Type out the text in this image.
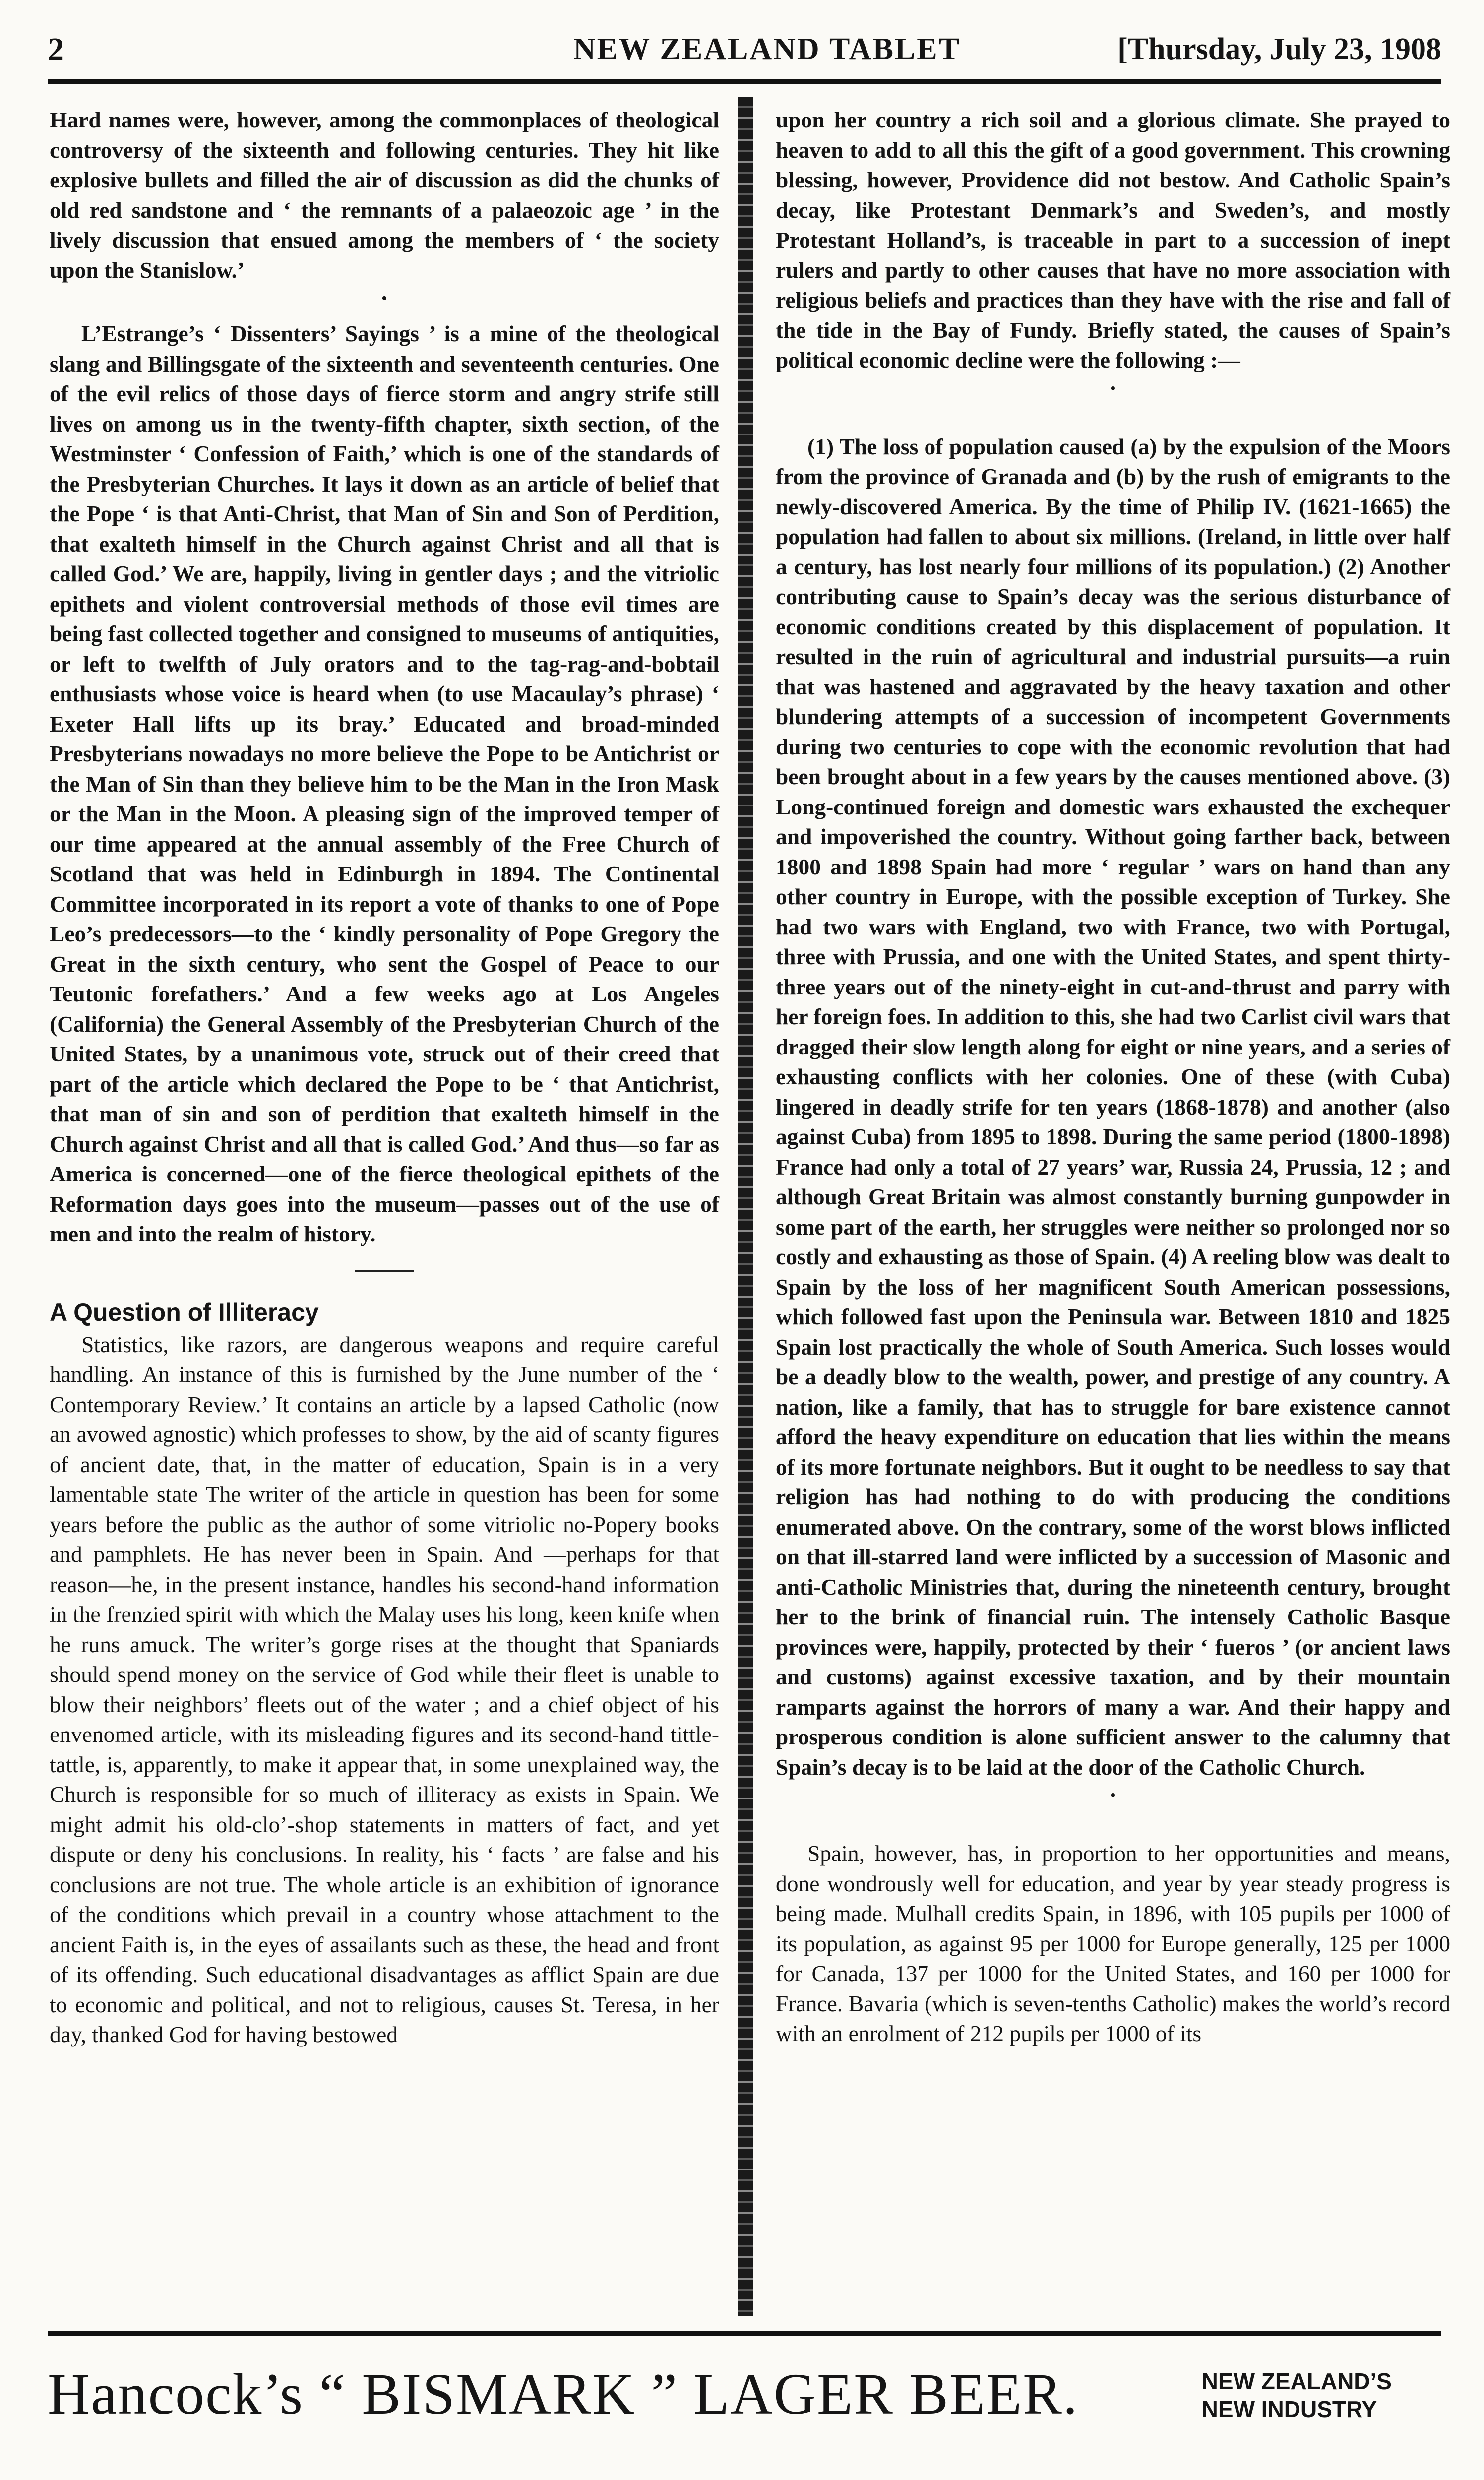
2	NEW ZEALAND TABLET	[Thursday, July 23, 1908

Hard names were, however, among the commonplaces of theological controversy of the sixteenth and following centuries. They hit like explosive bullets and filled the air of discussion as did the chunks of old red sandstone and ‘ the remnants of a palaeozoic age ’ in the lively discussion that ensued among the members of ‘ the society upon the Stanislow.’

•

L’Estrange’s ‘ Dissenters’ Sayings ’ is a mine of the theological slang and Billingsgate of the sixteenth and seventeenth centuries. One of the evil relics of those days of fierce storm and angry strife still lives on among us in the twenty-fifth chapter, sixth section, of the Westminster ‘ Confession of Faith,’ which is one of the standards of the Presbyterian Churches. It lays it down as an article of belief that the Pope ‘ is that Anti-Christ, that Man of Sin and Son of Perdition, that exalteth himself in the Church against Christ and all that is called God.’ We are, happily, living in gentler days ; and the vitriolic epithets and violent controversial methods of those evil times are being fast collected together and consigned to museums of antiquities, or left to twelfth of July orators and to the tag-rag-and-bobtail enthusiasts whose voice is heard when (to use Macaulay’s phrase) ‘ Exeter Hall lifts up its bray.’ Educated and broad-minded Presbyterians nowadays no more believe the Pope to be Antichrist or the Man of Sin than they believe him to be the Man in the Iron Mask or the Man in the Moon. A pleasing sign of the improved temper of our time appeared at the annual assembly of the Free Church of Scotland that was held in Edinburgh in 1894. The Continental Committee incorporated in its report a vote of thanks to one of Pope Leo’s predecessors—to the ‘ kindly personality of Pope Gregory the Great in the sixth century, who sent the Gospel of Peace to our Teutonic forefathers.’ And a few weeks ago at Los Angeles (California) the General Assembly of the Presbyterian Church of the United States, by a unanimous vote, struck out of their creed that part of the article which declared the Pope to be ‘ that Antichrist, that man of sin and son of perdition that exalteth himself in the Church against Christ and all that is called God.’ And thus—so far as America is concerned—one of the fierce theological epithets of the Reformation days goes into the museum—passes out of the use of men and into the realm of history.

A Question of Illiteracy

Statistics, like razors, are dangerous weapons and require careful handling. An instance of this is furnished by the June number of the ‘ Contemporary Review.’ It contains an article by a lapsed Catholic (now an avowed agnostic) which professes to show, by the aid of scanty figures of ancient date, that, in the matter of education, Spain is in a very lamentable state The writer of the article in question has been for some years before the public as the author of some vitriolic no-Popery books and pamphlets. He has never been in Spain. And —perhaps for that reason—he, in the present instance, handles his second-hand information in the frenzied spirit with which the Malay uses his long, keen knife when he runs amuck. The writer’s gorge rises at the thought that Spaniards should spend money on the service of God while their fleet is unable to blow their neighbors’ fleets out of the water ; and a chief object of his envenomed article, with its misleading figures and its second-hand tittle-tattle, is, apparently, to make it appear that, in some unexplained way, the Church is responsible for so much of illiteracy as exists in Spain. We might admit his old-clo’-shop statements in matters of fact, and yet dispute or deny his conclusions. In reality, his ‘ facts ’ are false and his conclusions are not true. The whole article is an exhibition of ignorance of the conditions which prevail in a country whose attachment to the ancient Faith is, in the eyes of assailants such as these, the head and front of its offending. Such educational disadvantages as afflict Spain are due to economic and political, and not to religious, causes St. Teresa, in her day, thanked God for having bestowed

upon her country a rich soil and a glorious climate. She prayed to heaven to add to all this the gift of a good government. This crowning blessing, however, Providence did not bestow. And Catholic Spain’s decay, like Protestant Denmark’s and Sweden’s, and mostly Protestant Holland’s, is traceable in part to a succession of inept rulers and partly to other causes that have no more association with religious beliefs and practices than they have with the rise and fall of the tide in the Bay of Fundy. Briefly stated, the causes of Spain’s political economic decline were the following :—

•

(1) The loss of population caused (a) by the expulsion of the Moors from the province of Granada and (b) by the rush of emigrants to the newly-discovered America. By the time of Philip IV. (1621-1665) the population had fallen to about six millions. (Ireland, in little over half a century, has lost nearly four millions of its population.) (2) Another contributing cause to Spain’s decay was the serious disturbance of economic conditions created by this displacement of population. It resulted in the ruin of agricultural and industrial pursuits—a ruin that was hastened and aggravated by the heavy taxation and other blundering attempts of a succession of incompetent Governments during two centuries to cope with the economic revolution that had been brought about in a few years by the causes mentioned above. (3) Long-continued foreign and domestic wars exhausted the exchequer and impoverished the country. Without going farther back, between 1800 and 1898 Spain had more ‘ regular ’ wars on hand than any other country in Europe, with the possible exception of Turkey. She had two wars with England, two with France, two with Portugal, three with Prussia, and one with the United States, and spent thirty-three years out of the ninety-eight in cut-and-thrust and parry with her foreign foes. In addition to this, she had two Carlist civil wars that dragged their slow length along for eight or nine years, and a series of exhausting conflicts with her colonies. One of these (with Cuba) lingered in deadly strife for ten years (1868-1878) and another (also against Cuba) from 1895 to 1898. During the same period (1800-1898) France had only a total of 27 years’ war, Russia 24, Prussia, 12 ; and although Great Britain was almost constantly burning gunpowder in some part of the earth, her struggles were neither so prolonged nor so costly and exhausting as those of Spain. (4) A reeling blow was dealt to Spain by the loss of her magnificent South American possessions, which followed fast upon the Peninsula war. Between 1810 and 1825 Spain lost practically the whole of South America. Such losses would be a deadly blow to the wealth, power, and prestige of any country. A nation, like a family, that has to struggle for bare existence cannot afford the heavy expenditure on education that lies within the means of its more fortunate neighbors. But it ought to be needless to say that religion has had nothing to do with producing the conditions enumerated above. On the contrary, some of the worst blows inflicted on that ill-starred land were inflicted by a succession of Masonic and anti-Catholic Ministries that, during the nineteenth century, brought her to the brink of financial ruin. The intensely Catholic Basque provinces were, happily, protected by their ‘ fueros ’ (or ancient laws and customs) against excessive taxation, and by their mountain ramparts against the horrors of many a war. And their happy and prosperous condition is alone sufficient answer to the calumny that Spain’s decay is to be laid at the door of the Catholic Church.

•

Spain, however, has, in proportion to her opportunities and means, done wondrously well for education, and year by year steady progress is being made. Mulhall credits Spain, in 1896, with 105 pupils per 1000 of its population, as against 95 per 1000 for Europe generally, 125 per 1000 for Canada, 137 per 1000 for the United States, and 160 per 1000 for France. Bavaria (which is seven-tenths Catholic) makes the world’s record with an enrolment of 212 pupils per 1000 of its

Hancock’s “ BISMARK ” LAGER BEER.	NEW ZEALAND’S
NEW INDUSTRY
